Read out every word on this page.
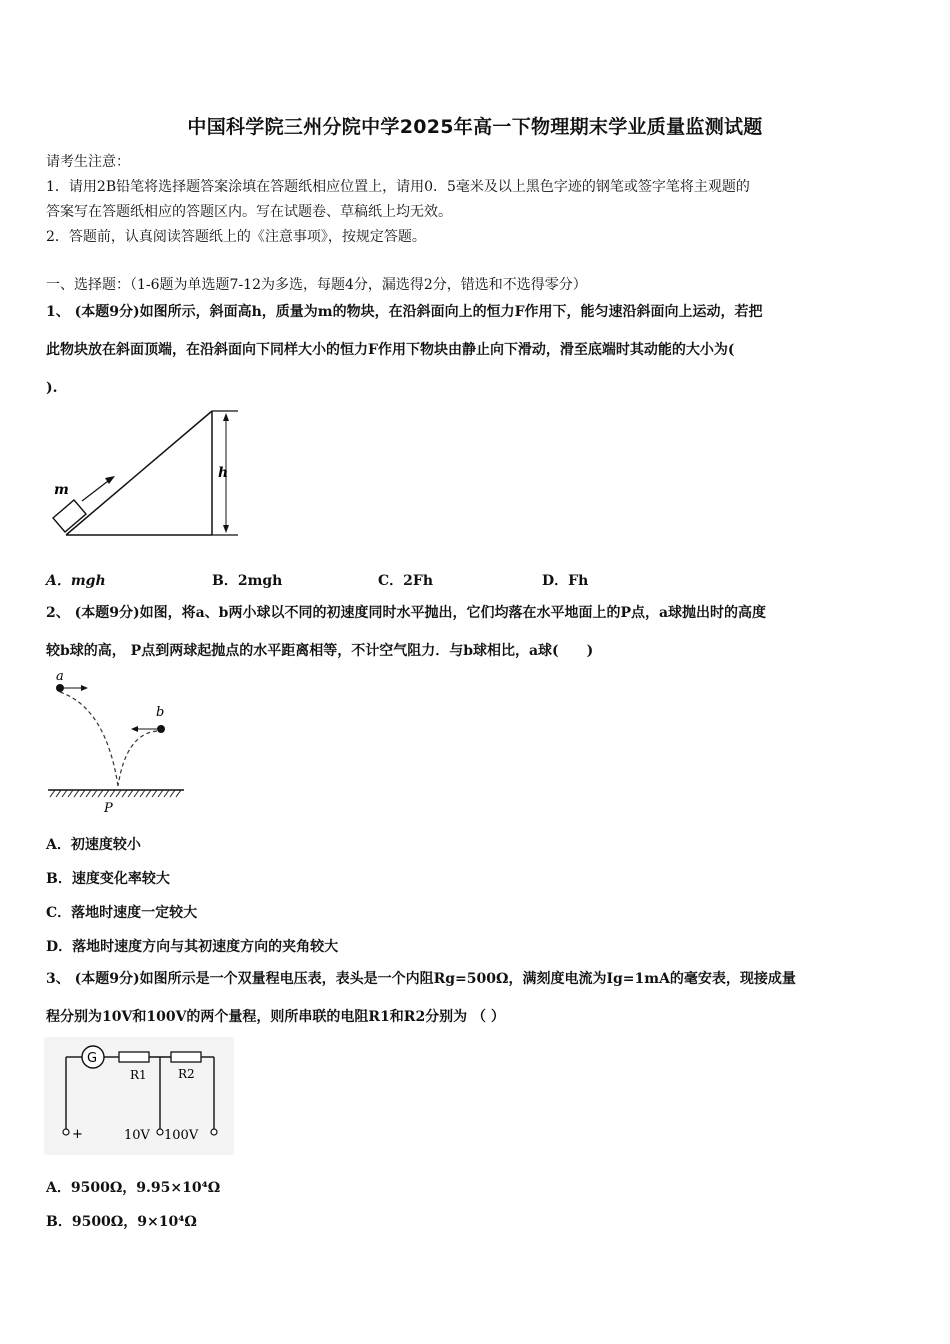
中国科学院三州分院中学2025年高一下物理期末学业质量监测试题
请考生注意：
1．请用2B铅笔将选择题答案涂填在答题纸相应位置上，请用0．5毫米及以上黑色字迹的钢笔或签字笔将主观题的
答案写在答题纸相应的答题区内。写在试题卷、草稿纸上均无效。
2．答题前，认真阅读答题纸上的《注意事项》，按规定答题。
一、选择题：（1-6题为单选题7-12为多选，每题4分，漏选得2分，错选和不选得零分）
1、 (本题9分)如图所示，斜面高h，质量为m的物块，在沿斜面向上的恒力F作用下，能匀速沿斜面向上运动，若把
此物块放在斜面顶端，在沿斜面向下同样大小的恒力F作用下物块由静止向下滑动，滑至底端时其动能的大小为(
).
m
h
A．mgh	B．2mgh	C．2Fh	D．Fh
2、 (本题9分)如图，将a、b两小球以不同的初速度同时水平抛出，它们均落在水平地面上的P点，a球抛出时的高度
较b球的高， P点到两球起抛点的水平距离相等，不计空气阻力．与b球相比，a球(　　)
a
b
P
A．初速度较小
B．速度变化率较大
C．落地时速度一定较大
D．落地时速度方向与其初速度方向的夹角较大
3、 (本题9分)如图所示是一个双量程电压表，表头是一个内阻Rg=500Ω，满刻度电流为Ig=1mA的毫安表，现接成量
程分别为10V和100V的两个量程，则所串联的电阻R1和R2分别为 （ ）
G
R1	R2
+	10V 100V
A．9500Ω，9.95×10⁴Ω
B．9500Ω，9×10⁴Ω
